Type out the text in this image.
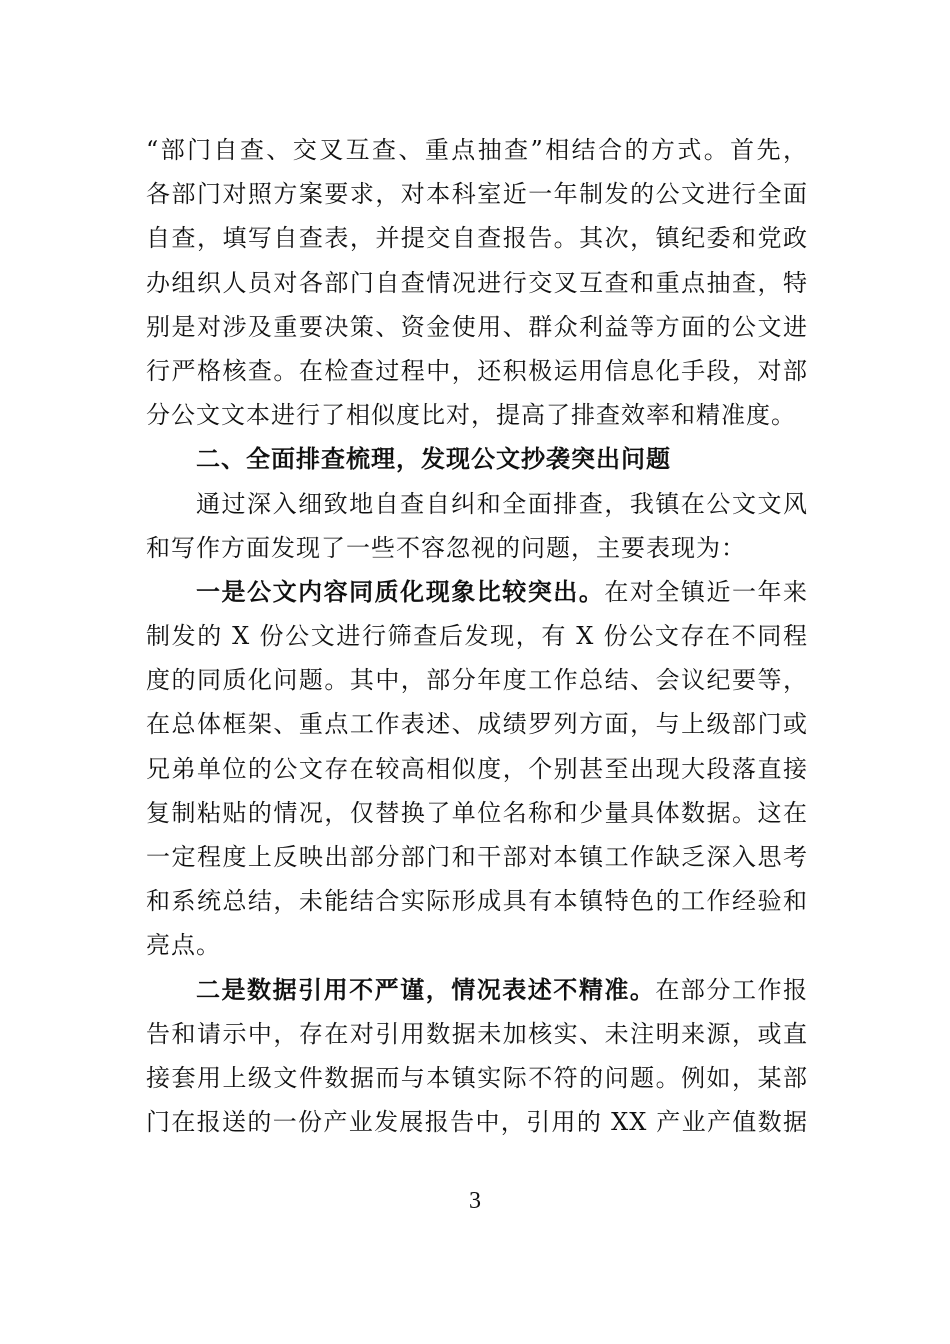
“部门自查、交叉互查、重点抽查”相结合的方式。首先，
各部门对照方案要求，对本科室近一年制发的公文进行全面
自查，填写自查表，并提交自查报告。其次，镇纪委和党政
办组织人员对各部门自查情况进行交叉互查和重点抽查，特
别是对涉及重要决策、资金使用、群众利益等方面的公文进
行严格核查。在检查过程中，还积极运用信息化手段，对部
分公文文本进行了相似度比对，提高了排查效率和精准度。
二、全面排查梳理，发现公文抄袭突出问题
通过深入细致地自查自纠和全面排查，我镇在公文文风
和写作方面发现了一些不容忽视的问题，主要表现为：
一是公文内容同质化现象比较突出。在对全镇近一年来
制发的 X 份公文进行筛查后发现，有 X 份公文存在不同程
度的同质化问题。其中，部分年度工作总结、会议纪要等，
在总体框架、重点工作表述、成绩罗列方面，与上级部门或
兄弟单位的公文存在较高相似度，个别甚至出现大段落直接
复制粘贴的情况，仅替换了单位名称和少量具体数据。这在
一定程度上反映出部分部门和干部对本镇工作缺乏深入思考
和系统总结，未能结合实际形成具有本镇特色的工作经验和
亮点。
二是数据引用不严谨，情况表述不精准。在部分工作报
告和请示中，存在对引用数据未加核实、未注明来源，或直
接套用上级文件数据而与本镇实际不符的问题。例如，某部
门在报送的一份产业发展报告中，引用的 XX 产业产值数据
3
